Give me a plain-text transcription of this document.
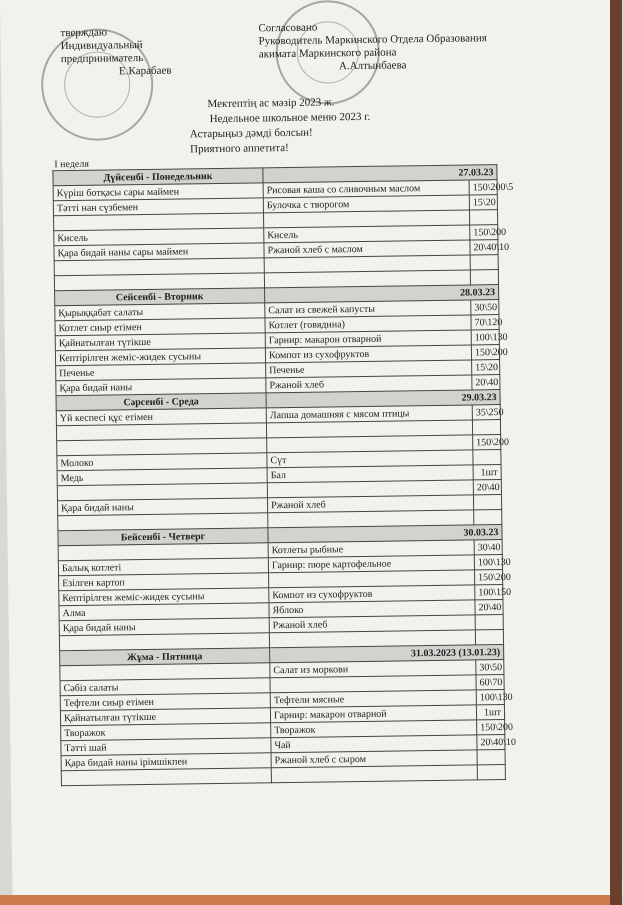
тверждаю
Индивидуальный
предприниматель
Е.Карабаев
Согласовано
Руководитель Маркинского Отдела Образования
акимата Маркинского района
А.Алтынбаева
Мектептің ас мәзір 2023 ж.
Недельное школьное меню 2023 г.
Астарыңыз дәмді болсын!
Приятного аппетита!
I неделя
Дүйсенбі - Понедельник	27.03.23	
Күріш ботқасы сары маймен	Рисовая каша со сливочным маслом	150\200\5
Тәтті нан сүзбемен	Булочка с творогом	15\20

Кисель	Кисель	150\200
Қара бидай наны сары маймен	Ржаной хлеб с маслом	20\40\10

Сейсенбі - Вторник	28.03.23	
Қырыққабат салаты	Салат из свежей капусты	30\50
Котлет сиыр етімен	Котлет (говядина)	70\120
Қайнатылған түтікше	Гарнир: макарон отварной	100\130
Кептірілген жеміс-жидек сусыны	Компот из сухофруктов	150\200
Печенье	Печенье	15\20
Қара бидай наны	Ржаной хлеб	20\40
Сәрсенбі - Среда	29.03.23	
Үй кеспесі құс етімен	Лапша домашняя с мясом птицы	35\250

		150\200
Молоко	Сүт	
Медь	Бал	1шт
		20\40
Қара бидай наны	Ржаной хлеб	

Бейсенбі - Четверг	30.03.23	
	Котлеты рыбные	30\40
Балық котлеті	Гарнир: пюре картофельное	100\130
Езілген картоп		150\200
Кептірілген жеміс-жидек сусыны	Компот из сухофруктов	100\150
Алма	Яблоко	20\40
Қара бидай наны	Ржаной хлеб	

Жұма - Пятница	31.03.2023 (13.01.23)	
	Салат из моркови	30\50
Сәбіз салаты		60\70
Тефтели сиыр етімен	Тефтели мясные	100\130
Қайнатылған түтікше	Гарнир: макарон отварной	1шт
Творажок	Творажок	150\200
Тәтті шай	Чай	20\40\10
Қара бидай наны ірімшікпен	Ржаной хлеб с сыром	
